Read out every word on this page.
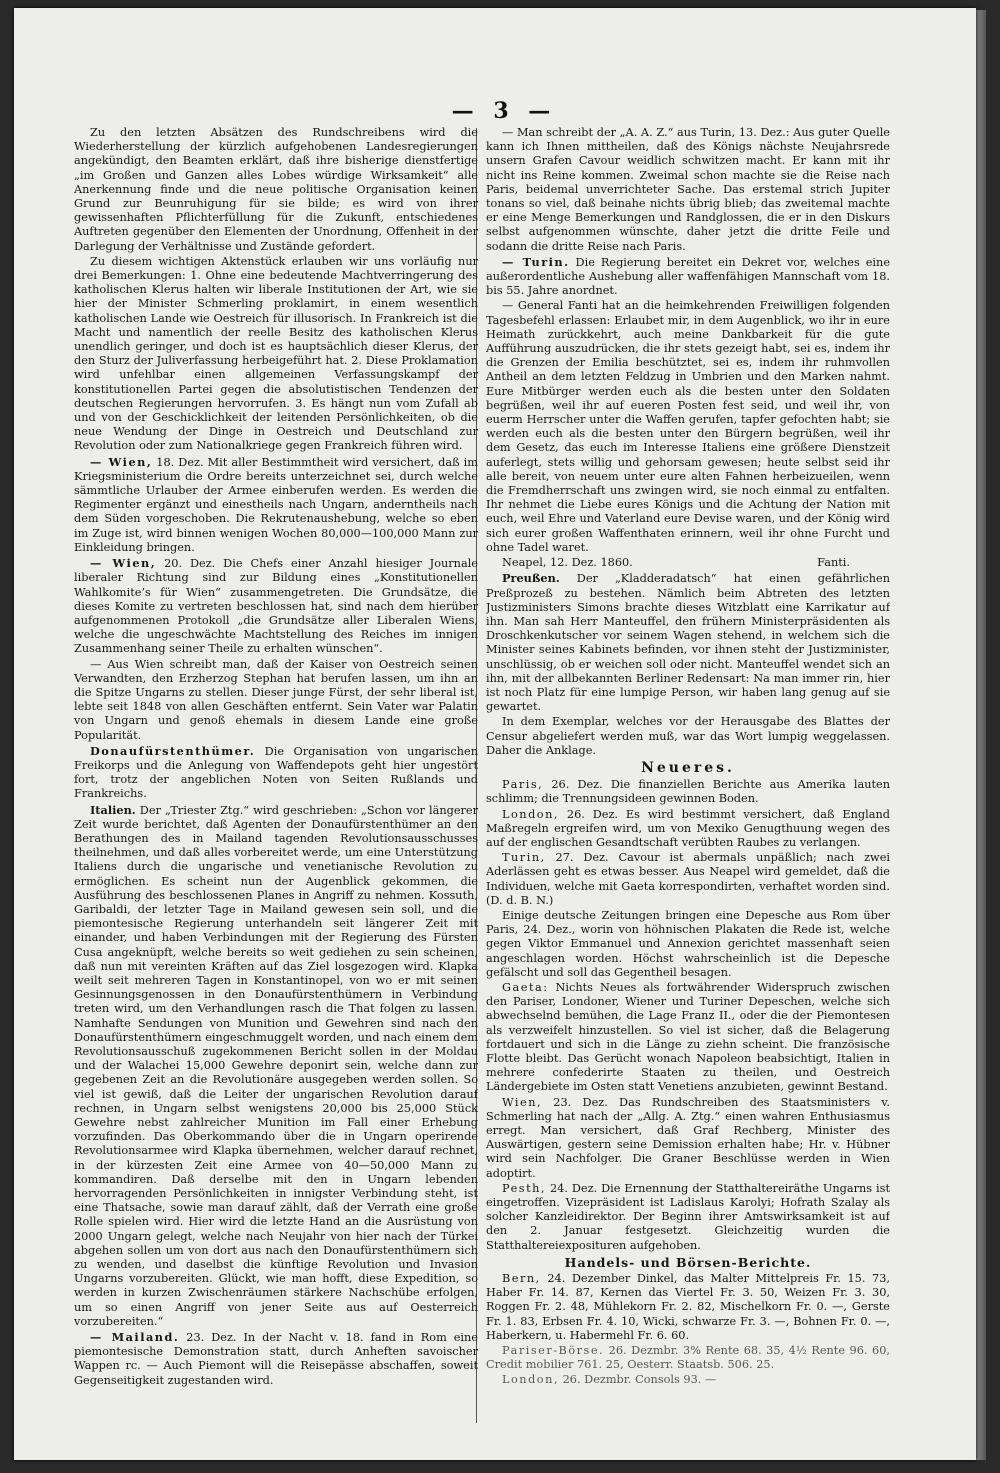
— 3 —

Zu den letzten Absätzen des Rundschreibens wird die Wiederherstellung der kürzlich aufgehobenen Landesregierungen angekündigt, den Beamten erklärt, daß ihre bisherige dienstfertige „im Großen und Ganzen alles Lobes würdige Wirksamkeit“ alle Anerkennung finde und die neue politische Organisation keinen Grund zur Beunruhigung für sie bilde; es wird von ihrer gewissenhaften Pflichterfüllung für die Zukunft, entschiedenes Auftreten gegenüber den Elementen der Unordnung, Offenheit in der Darlegung der Verhältnisse und Zustände gefordert.

Zu diesem wichtigen Aktenstück erlauben wir uns vorläufig nur drei Bemerkungen: 1. Ohne eine bedeutende Machtverringerung des katholischen Klerus halten wir liberale Institutionen der Art, wie sie hier der Minister Schmerling proklamirt, in einem wesentlich katholischen Lande wie Oestreich für illusorisch. In Frankreich ist die Macht und namentlich der reelle Besitz des katholischen Klerus unendlich geringer, und doch ist es hauptsächlich dieser Klerus, der den Sturz der Juliverfassung herbeigeführt hat. 2. Diese Proklamation wird unfehlbar einen allgemeinen Verfassungskampf der konstitutionellen Partei gegen die absolutistischen Tendenzen der deutschen Regierungen hervorrufen. 3. Es hängt nun vom Zufall ab und von der Geschicklichkeit der leitenden Persönlichkeiten, ob die neue Wendung der Dinge in Oestreich und Deutschland zur Revolution oder zum Nationalkriege gegen Frankreich führen wird.

— Wien, 18. Dez. Mit aller Bestimmtheit wird versichert, daß im Kriegsministerium die Ordre bereits unterzeichnet sei, durch welche sämmtliche Urlauber der Armee einberufen werden. Es werden die Regimenter ergänzt und einestheils nach Ungarn, anderntheils nach dem Süden vorgeschoben. Die Rekrutenaushebung, welche so eben im Zuge ist, wird binnen wenigen Wochen 80,000—100,000 Mann zur Einkleidung bringen.

— Wien, 20. Dez. Die Chefs einer Anzahl hiesiger Journale liberaler Richtung sind zur Bildung eines „Konstitutionellen Wahlkomite’s für Wien“ zusammengetreten. Die Grundsätze, die dieses Komite zu vertreten beschlossen hat, sind nach dem hierüber aufgenommenen Protokoll „die Grundsätze aller Liberalen Wiens, welche die ungeschwächte Machtstellung des Reiches im innigen Zusammenhang seiner Theile zu erhalten wünschen“.

— Aus Wien schreibt man, daß der Kaiser von Oestreich seinen Verwandten, den Erzherzog Stephan hat berufen lassen, um ihn an die Spitze Ungarns zu stellen. Dieser junge Fürst, der sehr liberal ist, lebte seit 1848 von allen Geschäften entfernt. Sein Vater war Palatin von Ungarn und genoß ehemals in diesem Lande eine große Popularität.

Donaufürstenthümer. Die Organisation von ungarischen Freikorps und die Anlegung von Waffendepots geht hier ungestört fort, trotz der angeblichen Noten von Seiten Rußlands und Frankreichs.

Italien. Der „Triester Ztg.“ wird geschrieben: „Schon vor längerer Zeit wurde berichtet, daß Agenten der Donaufürstenthümer an den Berathungen des in Mailand tagenden Revolutionsausschusses theilnehmen, und daß alles vorbereitet werde, um eine Unterstützung Italiens durch die ungarische und venetianische Revolution zu ermöglichen. Es scheint nun der Augenblick gekommen, die Ausführung des beschlossenen Planes in Angriff zu nehmen. Kossuth, Garibaldi, der letzter Tage in Mailand gewesen sein soll, und die piemontesische Regierung unterhandeln seit längerer Zeit mit einander, und haben Verbindungen mit der Regierung des Fürsten Cusa angeknüpft, welche bereits so weit gediehen zu sein scheinen, daß nun mit vereinten Kräften auf das Ziel losgezogen wird. Klapka weilt seit mehreren Tagen in Konstantinopel, von wo er mit seinen Gesinnungsgenossen in den Donaufürstenthümern in Verbindung treten wird, um den Verhandlungen rasch die That folgen zu lassen. Namhafte Sendungen von Munition und Gewehren sind nach den Donaufürstenthümern eingeschmuggelt worden, und nach einem dem Revolutionsausschuß zugekommenen Bericht sollen in der Moldau und der Walachei 15,000 Gewehre deponirt sein, welche dann zur gegebenen Zeit an die Revolutionäre ausgegeben werden sollen. So viel ist gewiß, daß die Leiter der ungarischen Revolution darauf rechnen, in Ungarn selbst wenigstens 20,000 bis 25,000 Stück Gewehre nebst zahlreicher Munition im Fall einer Erhebung vorzufinden. Das Oberkommando über die in Ungarn operirende Revolutionsarmee wird Klapka übernehmen, welcher darauf rechnet, in der kürzesten Zeit eine Armee von 40—50,000 Mann zu kommandiren. Daß derselbe mit den in Ungarn lebenden hervorragenden Persönlichkeiten in innigster Verbindung steht, ist eine Thatsache, sowie man darauf zählt, daß der Verrath eine große Rolle spielen wird. Hier wird die letzte Hand an die Ausrüstung von 2000 Ungarn gelegt, welche nach Neujahr von hier nach der Türkei abgehen sollen um von dort aus nach den Donaufürstenthümern sich zu wenden, und daselbst die künftige Revolution und Invasion Ungarns vorzubereiten. Glückt, wie man hofft, diese Expedition, so werden in kurzen Zwischenräumen stärkere Nachschübe erfolgen, um so einen Angriff von jener Seite aus auf Oesterreich vorzubereiten.“

— Mailand. 23. Dez. In der Nacht v. 18. fand in Rom eine piemontesische Demonstration statt, durch Anheften savoischer Wappen rc. — Auch Piemont will die Reisepässe abschaffen, soweit Gegenseitigkeit zugestanden wird.

— Man schreibt der „A. A. Z.“ aus Turin, 13. Dez.: Aus guter Quelle kann ich Ihnen mittheilen, daß des Königs nächste Neujahrsrede unsern Grafen Cavour weidlich schwitzen macht. Er kann mit ihr nicht ins Reine kommen. Zweimal schon machte sie die Reise nach Paris, beidemal unverrichteter Sache. Das erstemal strich Jupiter tonans so viel, daß beinahe nichts übrig blieb; das zweitemal machte er eine Menge Bemerkungen und Randglossen, die er in den Diskurs selbst aufgenommen wünschte, daher jetzt die dritte Feile und sodann die dritte Reise nach Paris.

— Turin. Die Regierung bereitet ein Dekret vor, welches eine außerordentliche Aushebung aller waffenfähigen Mannschaft vom 18. bis 55. Jahre anordnet.

— General Fanti hat an die heimkehrenden Freiwilligen folgenden Tagesbefehl erlassen: Erlaubet mir, in dem Augenblick, wo ihr in eure Heimath zurückkehrt, auch meine Dankbarkeit für die gute Aufführung auszudrücken, die ihr stets gezeigt habt, sei es, indem ihr die Grenzen der Emilia beschütztet, sei es, indem ihr ruhmvollen Antheil an dem letzten Feldzug in Umbrien und den Marken nahmt. Eure Mitbürger werden euch als die besten unter den Soldaten begrüßen, weil ihr auf eueren Posten fest seid, und weil ihr, von euerm Herrscher unter die Waffen gerufen, tapfer gefochten habt; sie werden euch als die besten unter den Bürgern begrüßen, weil ihr dem Gesetz, das euch im Interesse Italiens eine größere Dienstzeit auferlegt, stets willig und gehorsam gewesen; heute selbst seid ihr alle bereit, von neuem unter eure alten Fahnen herbeizueilen, wenn die Fremdherrschaft uns zwingen wird, sie noch einmal zu entfalten. Ihr nehmet die Liebe eures Königs und die Achtung der Nation mit euch, weil Ehre und Vaterland eure Devise waren, und der König wird sich eurer großen Waffenthaten erinnern, weil ihr ohne Furcht und ohne Tadel waret.

Neapel, 12. Dez. 1860.	Fanti.

Preußen. Der „Kladderadatsch“ hat einen gefährlichen Preßprozeß zu bestehen. Nämlich beim Abtreten des letzten Justizministers Simons brachte dieses Witzblatt eine Karrikatur auf ihn. Man sah Herr Manteuffel, den frühern Ministerpräsidenten als Droschkenkutscher vor seinem Wagen stehend, in welchem sich die Minister seines Kabinets befinden, vor ihnen steht der Justizminister, unschlüssig, ob er weichen soll oder nicht. Manteuffel wendet sich an ihn, mit der allbekannten Berliner Redensart: Na man immer rin, hier ist noch Platz für eine lumpige Person, wir haben lang genug auf sie gewartet.

In dem Exemplar, welches vor der Herausgabe des Blattes der Censur abgeliefert werden muß, war das Wort lumpig weggelassen. Daher die Anklage.

Neueres.

Paris, 26. Dez. Die finanziellen Berichte aus Amerika lauten schlimm; die Trennungsideen gewinnen Boden.

London, 26. Dez. Es wird bestimmt versichert, daß England Maßregeln ergreifen wird, um von Mexiko Genugthuung wegen des auf der englischen Gesandtschaft verübten Raubes zu verlangen.

Turin, 27. Dez. Cavour ist abermals unpäßlich; nach zwei Aderlässen geht es etwas besser. Aus Neapel wird gemeldet, daß die Individuen, welche mit Gaeta korrespondirten, verhaftet worden sind. (D. d. B. N.)

Einige deutsche Zeitungen bringen eine Depesche aus Rom über Paris, 24. Dez., worin von höhnischen Plakaten die Rede ist, welche gegen Viktor Emmanuel und Annexion gerichtet massenhaft seien angeschlagen worden. Höchst wahrscheinlich ist die Depesche gefälscht und soll das Gegentheil besagen.

Gaeta: Nichts Neues als fortwährender Widerspruch zwischen den Pariser, Londoner, Wiener und Turiner Depeschen, welche sich abwechselnd bemühen, die Lage Franz II., oder die der Piemontesen als verzweifelt hinzustellen. So viel ist sicher, daß die Belagerung fortdauert und sich in die Länge zu ziehn scheint. Die französische Flotte bleibt. Das Gerücht wonach Napoleon beabsichtigt, Italien in mehrere confederirte Staaten zu theilen, und Oestreich Ländergebiete im Osten statt Venetiens anzubieten, gewinnt Bestand.

Wien, 23. Dez. Das Rundschreiben des Staatsministers v. Schmerling hat nach der „Allg. A. Ztg.“ einen wahren Enthusiasmus erregt. Man versichert, daß Graf Rechberg, Minister des Auswärtigen, gestern seine Demission erhalten habe; Hr. v. Hübner wird sein Nachfolger. Die Graner Beschlüsse werden in Wien adoptirt.

Pesth, 24. Dez. Die Ernennung der Statthaltereiräthe Ungarns ist eingetroffen. Vizepräsident ist Ladislaus Karolyi; Hofrath Szalay als solcher Kanzleidirektor. Der Beginn ihrer Amtswirksamkeit ist auf den 2. Januar festgesetzt. Gleichzeitig wurden die Statthaltereiexposituren aufgehoben.

Handels- und Börsen-Berichte.

Bern, 24. Dezember Dinkel, das Malter Mittelpreis Fr. 15. 73, Haber Fr. 14. 87, Kernen das Viertel Fr. 3. 50, Weizen Fr. 3. 30, Roggen Fr. 2. 48, Mühlekorn Fr. 2. 82, Mischelkorn Fr. 0. —, Gerste Fr. 1. 83, Erbsen Fr. 4. 10, Wicki, schwarze Fr. 3. —, Bohnen Fr. 0. —, Haberkern, u. Habermehl Fr. 6. 60.

Pariser-Börse. 26. Dezmbr. 3% Rente 68. 35, 4½ Rente 96. 60, Credit mobilier 761. 25, Oesterr. Staatsb. 506. 25.

London, 26. Dezmbr. Consols 93. —
